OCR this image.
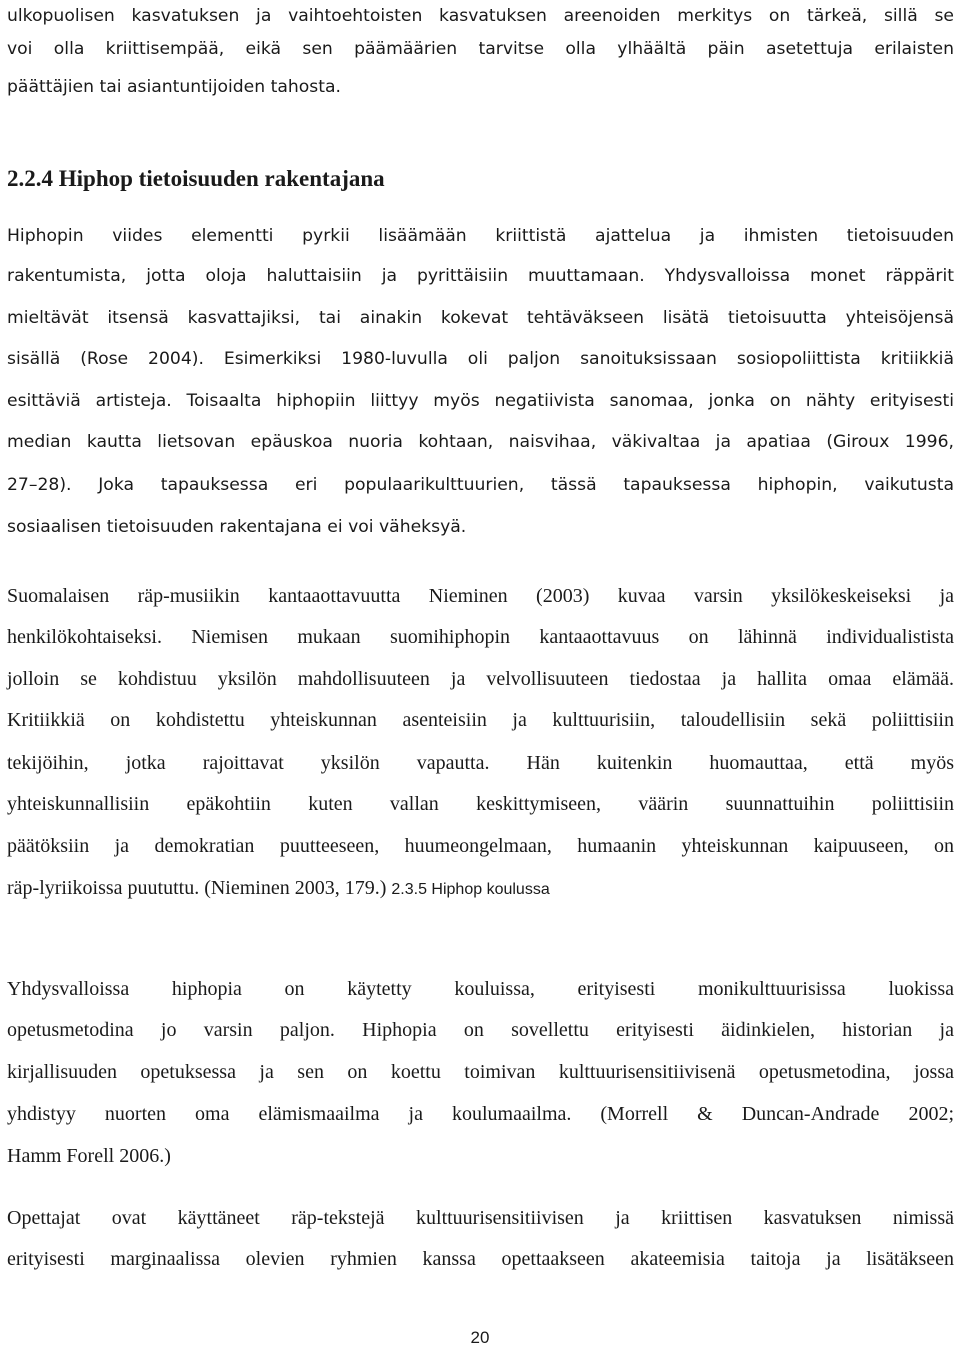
ulkopuolisen kasvatuksen ja vaihtoehtoisten kasvatuksen areenoiden merkitys on tärkeä, sillä se
voi olla kriittisempää, eikä sen päämäärien tarvitse olla ylhäältä päin asetettuja erilaisten
päättäjien tai asiantuntijoiden tahosta.
2.2.4 Hiphop tietoisuuden rakentajana
Hiphopin viides elementti pyrkii lisäämään kriittistä ajattelua ja ihmisten tietoisuuden
rakentumista, jotta oloja haluttaisiin ja pyrittäisiin muuttamaan. Yhdysvalloissa monet räppärit
mieltävät itsensä kasvattajiksi, tai ainakin kokevat tehtäväkseen lisätä tietoisuutta yhteisöjensä
sisällä (Rose 2004). Esimerkiksi 1980-luvulla oli paljon sanoituksissaan sosiopoliittista kritiikkiä
esittäviä artisteja. Toisaalta hiphopiin liittyy myös negatiivista sanomaa, jonka on nähty erityisesti
median kautta lietsovan epäuskoa nuoria kohtaan, naisvihaa, väkivaltaa ja apatiaa (Giroux 1996,
27–28). Joka tapauksessa eri populaarikulttuurien, tässä tapauksessa hiphopin, vaikutusta
sosiaalisen tietoisuuden rakentajana ei voi väheksyä.
Suomalaisen räp-musiikin kantaaottavuutta Nieminen (2003) kuvaa varsin yksilökeskeiseksi ja
henkilökohtaiseksi. Niemisen mukaan suomihiphopin kantaaottavuus on lähinnä individualistista
jolloin se kohdistuu yksilön mahdollisuuteen ja velvollisuuteen tiedostaa ja hallita omaa elämää.
Kritiikkiä on kohdistettu yhteiskunnan asenteisiin ja kulttuurisiin, taloudellisiin sekä poliittisiin
tekijöihin, jotka rajoittavat yksilön vapautta. Hän kuitenkin huomauttaa, että myös
yhteiskunnallisiin epäkohtiin kuten vallan keskittymiseen, väärin suunnattuihin poliittisiin
päätöksiin ja demokratian puutteeseen, huumeongelmaan, humaanin yhteiskunnan kaipuuseen, on
räp-lyriikoissa puututtu. (Nieminen 2003, 179.) 2.3.5 Hiphop koulussa
Yhdysvalloissa hiphopia on käytetty kouluissa, erityisesti monikulttuurisissa luokissa
opetusmetodina jo varsin paljon. Hiphopia on sovellettu erityisesti äidinkielen, historian ja
kirjallisuuden opetuksessa ja sen on koettu toimivan kulttuurisensitiivisenä opetusmetodina, jossa
yhdistyy nuorten oma elämismaailma ja koulumaailma. (Morrell & Duncan-Andrade 2002;
Hamm Forell 2006.)
Opettajat ovat käyttäneet räp-tekstejä kulttuurisensitiivisen ja kriittisen kasvatuksen nimissä
erityisesti marginaalissa olevien ryhmien kanssa opettaakseen akateemisia taitoja ja lisätäkseen
20
